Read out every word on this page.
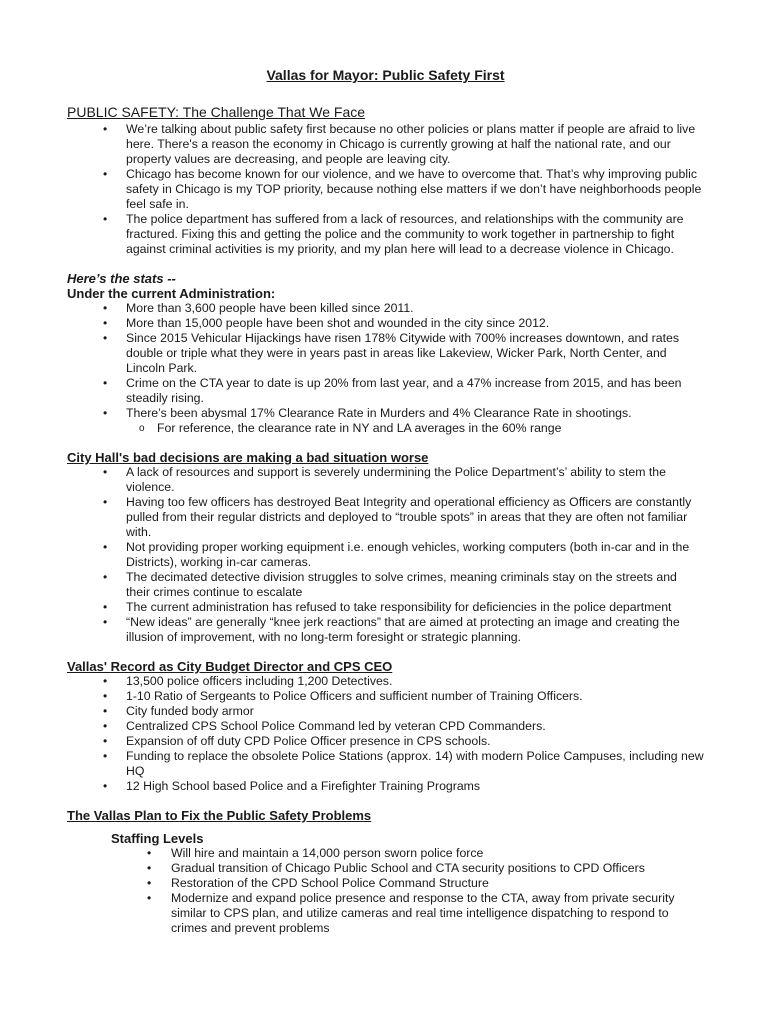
Vallas for Mayor: Public Safety First
PUBLIC SAFETY: The Challenge That We Face
• We’re talking about public safety first because no other policies or plans matter if people are afraid to live here. There's a reason the economy in Chicago is currently growing at half the national rate, and our property values are decreasing, and people are leaving city.
• Chicago has become known for our violence, and we have to overcome that. That’s why improving public safety in Chicago is my TOP priority, because nothing else matters if we don’t have neighborhoods people feel safe in.
• The police department has suffered from a lack of resources, and relationships with the community are fractured. Fixing this and getting the police and the community to work together in partnership to fight against criminal activities is my priority, and my plan here will lead to a decrease violence in Chicago.
Here’s the stats --
Under the current Administration:
• More than 3,600 people have been killed since 2011.
• More than 15,000 people have been shot and wounded in the city since 2012.
• Since 2015 Vehicular Hijackings have risen 178% Citywide with 700% increases downtown, and rates double or triple what they were in years past in areas like Lakeview, Wicker Park, North Center, and Lincoln Park.
• Crime on the CTA year to date is up 20% from last year, and a 47% increase from 2015, and has been steadily rising.
• There’s been abysmal 17% Clearance Rate in Murders and 4% Clearance Rate in shootings.
o For reference, the clearance rate in NY and LA averages in the 60% range
City Hall's bad decisions are making a bad situation worse
• A lack of resources and support is severely undermining the Police Department’s’ ability to stem the violence.
• Having too few officers has destroyed Beat Integrity and operational efficiency as Officers are constantly pulled from their regular districts and deployed to “trouble spots” in areas that they are often not familiar with.
• Not providing proper working equipment i.e. enough vehicles, working computers (both in-car and in the Districts), working in-car cameras.
• The decimated detective division struggles to solve crimes, meaning criminals stay on the streets and their crimes continue to escalate
• The current administration has refused to take responsibility for deficiencies in the police department
• “New ideas” are generally “knee jerk reactions” that are aimed at protecting an image and creating the illusion of improvement, with no long-term foresight or strategic planning.
Vallas' Record as City Budget Director and CPS CEO
• 13,500 police officers including 1,200 Detectives.
• 1-10 Ratio of Sergeants to Police Officers and sufficient number of Training Officers.
• City funded body armor
• Centralized CPS School Police Command led by veteran CPD Commanders.
• Expansion of off duty CPD Police Officer presence in CPS schools.
• Funding to replace the obsolete Police Stations (approx. 14) with modern Police Campuses, including new HQ
• 12 High School based Police and a Firefighter Training Programs
The Vallas Plan to Fix the Public Safety Problems
Staffing Levels
• Will hire and maintain a 14,000 person sworn police force
• Gradual transition of Chicago Public School and CTA security positions to CPD Officers
• Restoration of the CPD School Police Command Structure
• Modernize and expand police presence and response to the CTA, away from private security similar to CPS plan, and utilize cameras and real time intelligence dispatching to respond to crimes and prevent problems
